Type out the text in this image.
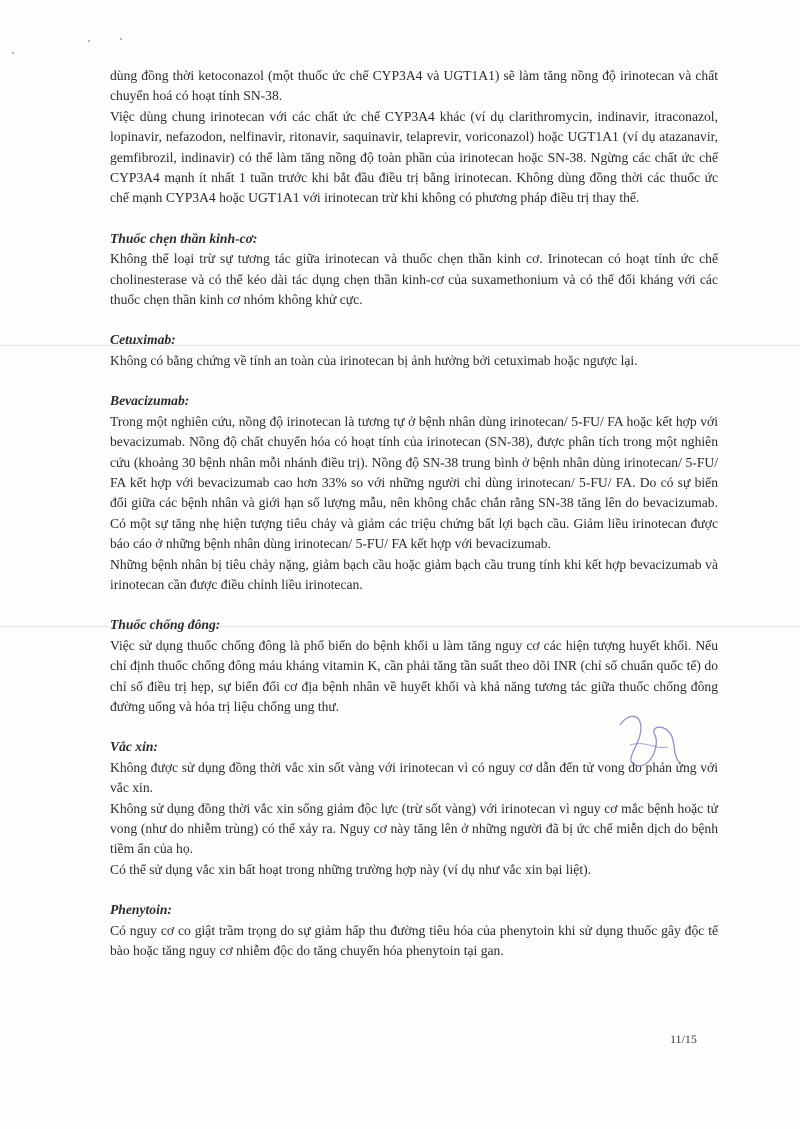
dùng đồng thời ketoconazol (một thuốc ức chế CYP3A4 và UGT1A1) sẽ làm tăng nồng độ irinotecan và chất chuyển hoá có hoạt tính SN-38.

Việc dùng chung irinotecan với các chất ức chế CYP3A4 khác (ví dụ clarithromycin, indinavir, itraconazol, lopinavir, nefazodon, nelfinavir, ritonavir, saquinavir, telaprevir, voriconazol) hoặc UGT1A1 (ví dụ atazanavir, gemfibrozil, indinavir) có thể làm tăng nồng độ toàn phần của irinotecan hoặc SN-38. Ngừng các chất ức chế CYP3A4 mạnh ít nhất 1 tuần trước khi bắt đầu điều trị bằng irinotecan. Không dùng đồng thời các thuốc ức chế mạnh CYP3A4 hoặc UGT1A1 với irinotecan trừ khi không có phương pháp điều trị thay thế.

Thuốc chẹn thần kinh-cơ:

Không thể loại trừ sự tương tác giữa irinotecan và thuốc chẹn thần kinh cơ. Irinotecan có hoạt tính ức chế cholinesterase và có thể kéo dài tác dụng chẹn thần kinh-cơ của suxamethonium và có thể đối kháng với các thuốc chẹn thần kinh cơ nhóm không khử cực.

Cetuximab:

Không có bằng chứng về tính an toàn của irinotecan bị ảnh hưởng bởi cetuximab hoặc ngược lại.

Bevacizumab:

Trong một nghiên cứu, nồng độ irinotecan là tương tự ở bệnh nhân dùng irinotecan/ 5-FU/ FA hoặc kết hợp với bevacizumab. Nồng độ chất chuyển hóa có hoạt tính của irinotecan (SN-38), được phân tích trong một nghiên cứu (khoảng 30 bệnh nhân mỗi nhánh điều trị). Nồng độ SN-38 trung bình ở bệnh nhân dùng irinotecan/ 5-FU/ FA kết hợp với bevacizumab cao hơn 33% so với những người chỉ dùng irinotecan/ 5-FU/ FA. Do có sự biến đổi giữa các bệnh nhân và giới hạn số lượng mẫu, nên không chắc chắn rằng SN-38 tăng lên do bevacizumab. Có một sự tăng nhẹ hiện tượng tiêu chảy và giảm các triệu chứng bất lợi bạch cầu. Giảm liều irinotecan được báo cáo ở những bệnh nhân dùng irinotecan/ 5-FU/ FA kết hợp với bevacizumab.

Những bệnh nhân bị tiêu chảy nặng, giảm bạch cầu hoặc giảm bạch cầu trung tính khi kết hợp bevacizumab và irinotecan cần được điều chỉnh liều irinotecan.

Thuốc chống đông:

Việc sử dụng thuốc chống đông là phổ biến do bệnh khối u làm tăng nguy cơ các hiện tượng huyết khối. Nếu chỉ định thuốc chống đông máu kháng vitamin K, cần phải tăng tần suất theo dõi INR (chỉ số chuẩn quốc tế) do chỉ số điều trị hẹp, sự biến đổi cơ địa bệnh nhân về huyết khối và khả năng tương tác giữa thuốc chống đông đường uống và hóa trị liệu chống ung thư.

Vắc xin:

Không được sử dụng đồng thời vắc xin sốt vàng với irinotecan vì có nguy cơ dẫn đến tử vong do phản ứng với vắc xin.

Không sử dụng đồng thời vắc xin sống giảm độc lực (trừ sốt vàng) với irinotecan vì nguy cơ mắc bệnh hoặc tử vong (như do nhiễm trùng) có thể xảy ra. Nguy cơ này tăng lên ở những người đã bị ức chế miễn dịch do bệnh tiềm ẩn của họ.

Có thể sử dụng vắc xin bất hoạt trong những trường hợp này (ví dụ như vắc xin bại liệt).

Phenytoin:

Có nguy cơ co giật trầm trọng do sự giảm hấp thu đường tiêu hóa của phenytoin khi sử dụng thuốc gây độc tế bào hoặc tăng nguy cơ nhiễm độc do tăng chuyển hóa phenytoin tại gan.

11/15
